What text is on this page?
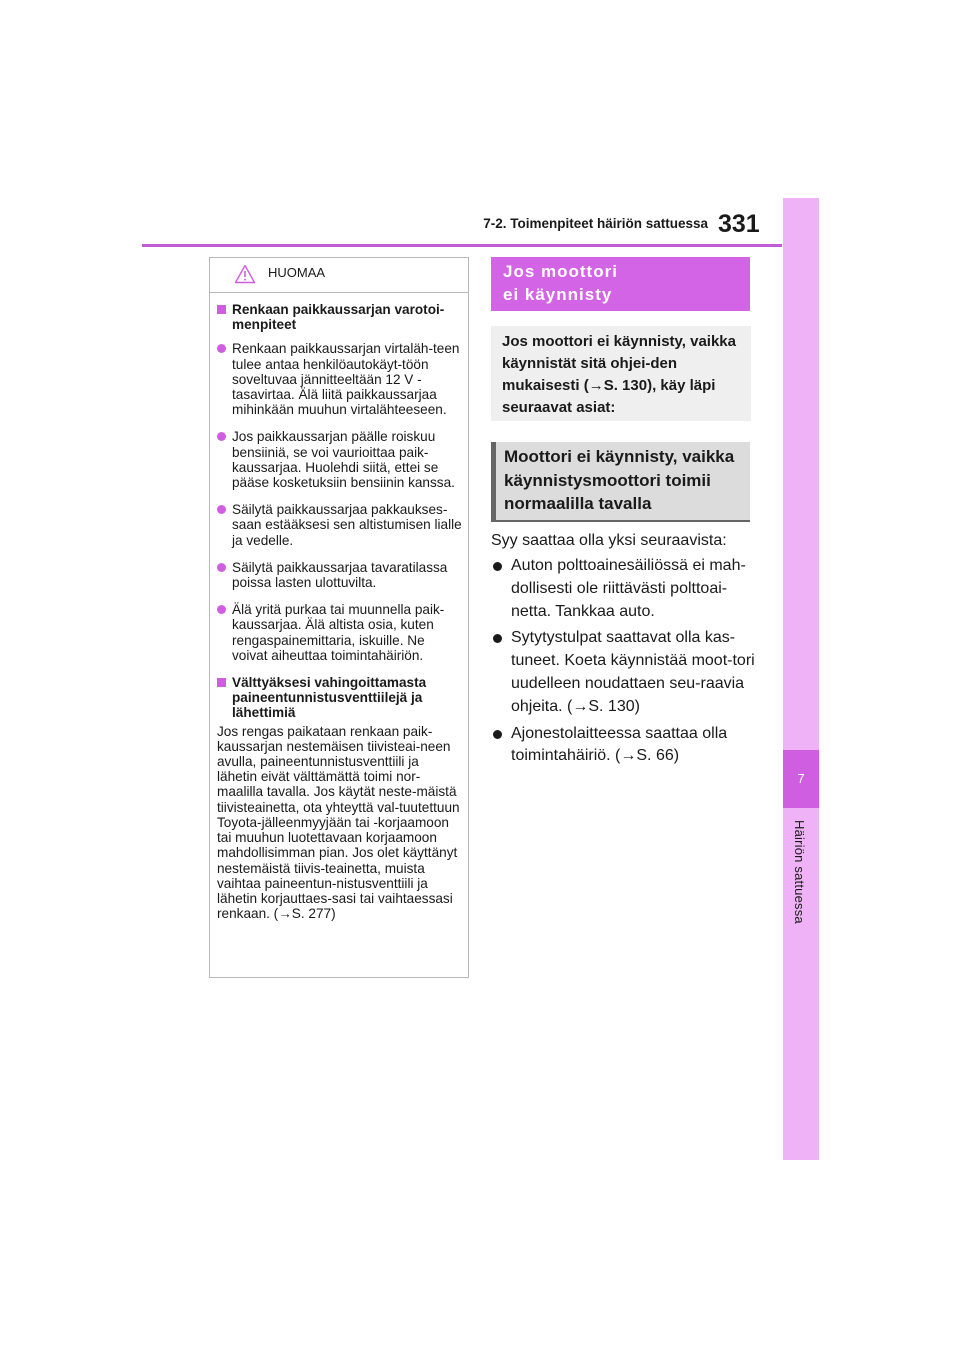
7-2. Toimenpiteet häiriön sattuessa 331
7
Häiriön sattuessa
HUOMAA
Renkaan paikkaussarjan varotoi-menpiteet
Renkaan paikkaussarjan virtaläh-teen tulee antaa henkilöautokäyt-töön soveltuvaa jännitteeltään 12 V -tasavirtaa. Älä liitä paikkaussarjaa mihinkään muuhun virtalähteeseen.
Jos paikkaussarjan päälle roiskuu bensiiniä, se voi vaurioittaa paik-kaussarjaa. Huolehdi siitä, ettei se pääse kosketuksiin bensiinin kanssa.
Säilytä paikkaussarjaa pakkaukses-saan estääksesi sen altistumisen lialle ja vedelle.
Säilytä paikkaussarjaa tavaratilassa poissa lasten ulottuvilta.
Älä yritä purkaa tai muunnella paik-kaussarjaa. Älä altista osia, kuten rengaspainemittaria, iskuille. Ne voivat aiheuttaa toimintahäiriön.
Välttyäksesi vahingoittamasta paineentunnistusventtiilejä ja lähettimiä
Jos rengas paikataan renkaan paik-kaussarjan nestemäisen tiivisteai-neen avulla, paineentunnistusventtiili ja lähetin eivät välttämättä toimi nor-maalilla tavalla. Jos käytät neste-mäistä tiivisteainetta, ota yhteyttä val-tuutettuun Toyota-jälleenmyyjään tai -korjaamoon tai muuhun luotettavaan korjaamoon mahdollisimman pian. Jos olet käyttänyt nestemäistä tiivis-teainetta, muista vaihtaa paineentun-nistusventtiili ja lähetin korjauttaes-sasi tai vaihtaessasi renkaan. (→S. 277)
Jos moottori
ei käynnisty
Jos moottori ei käynnisty, vaikka käynnistät sitä ohjei-den mukaisesti (→S. 130), käy läpi seuraavat asiat:
Moottori ei käynnisty, vaikka käynnistysmoottori toimii normaalilla tavalla
Syy saattaa olla yksi seuraavista:
Auton polttoainesäiliössä ei mah-dollisesti ole riittävästi polttoai-netta. Tankkaa auto.
Sytytystulpat saattavat olla kas-tuneet. Koeta käynnistää moot-tori uudelleen noudattaen seu-raavia ohjeita. (→S. 130)
Ajonestolaitteessa saattaa olla toimintahäiriö. (→S. 66)
